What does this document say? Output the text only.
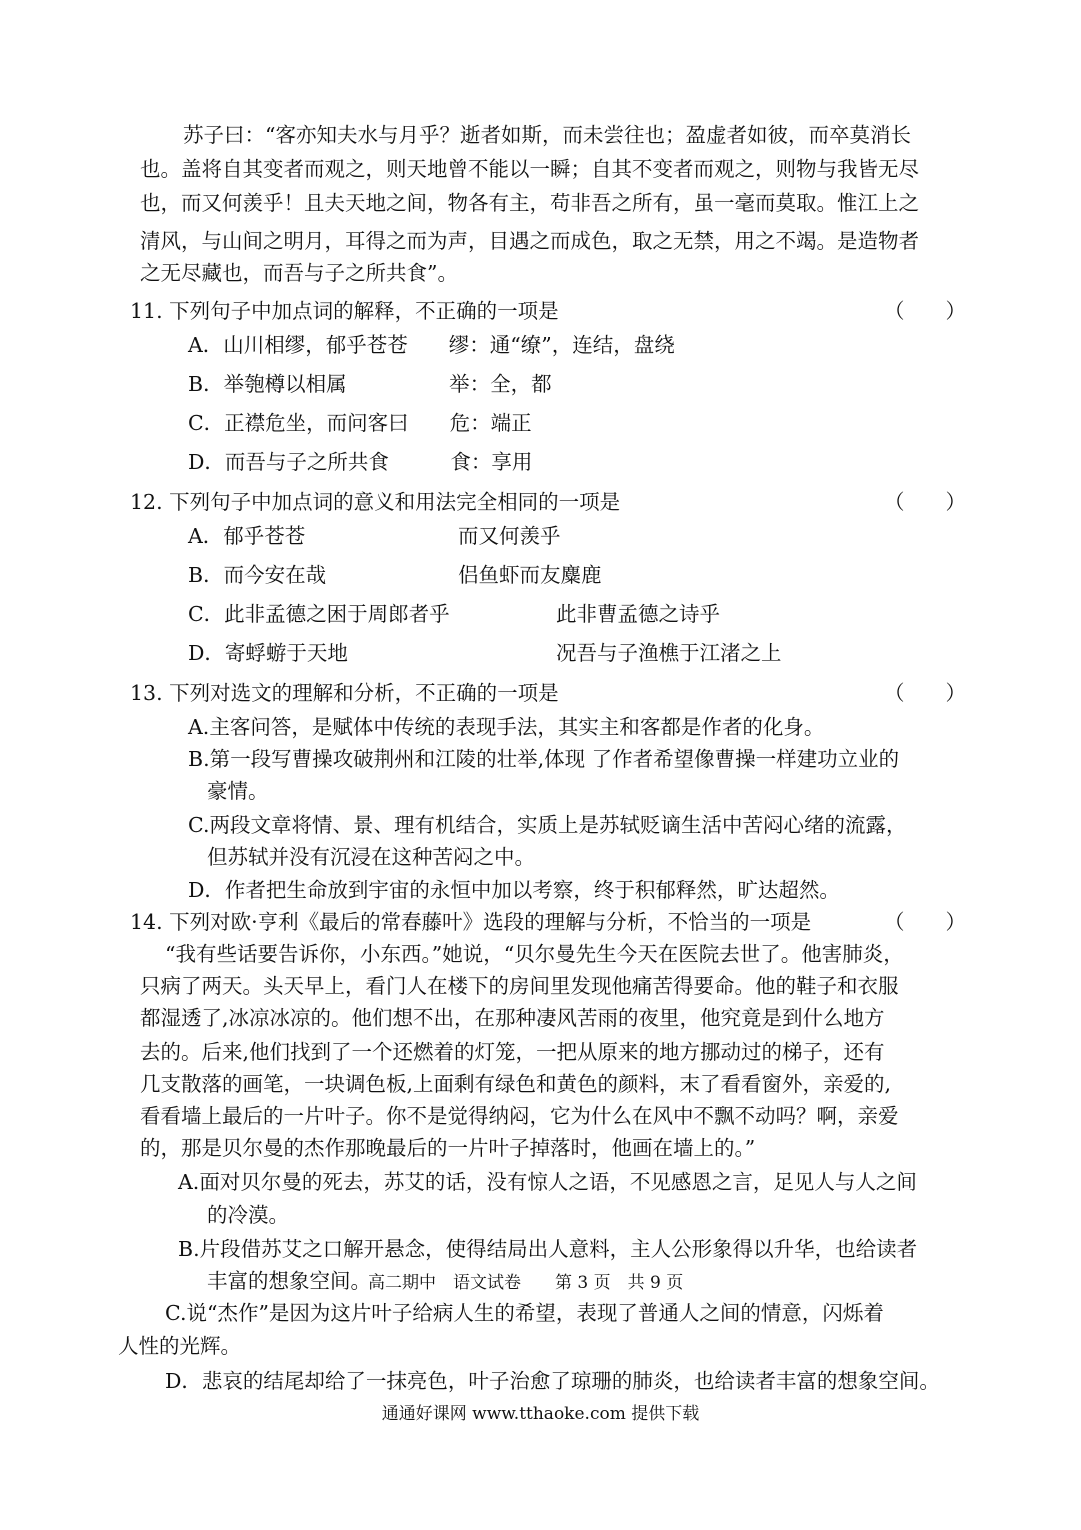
苏子曰：“客亦知夫水与月乎？逝者如斯，而未尝往也；盈虚者如彼，而卒莫消长
也。盖将自其变者而观之，则天地曾不能以一瞬；自其不变者而观之，则物与我皆无尽
也，而又何羡乎！且夫天地之间，物各有主，苟非吾之所有，虽一毫而莫取。惟江上之
清风，与山间之明月，耳得之而为声，目遇之而成色，取之无禁，用之不竭。是造物者
之无尽藏也，而吾与子之所共食”。
11. 下列句子中加点词的解释，不正确的一项是	（　　）
A．山川相缪，郁乎苍苍　　缪：通“缭”，连结，盘绕
B．举匏樽以相属　　　　　举：全，都
C．正襟危坐，而问客曰　　危：端正
D．而吾与子之所共食　　　食：享用
12. 下列句子中加点词的意义和用法完全相同的一项是	（　　）
A．郁乎苍苍	而又何羡乎
B．而今安在哉	侣鱼虾而友麋鹿
C．此非孟德之困于周郎者乎	此非曹孟德之诗乎
D．寄蜉蝣于天地	况吾与子渔樵于江渚之上
13. 下列对选文的理解和分析，不正确的一项是	（　　）
A.主客问答，是赋体中传统的表现手法，其实主和客都是作者的化身。
B.第一段写曹操攻破荆州和江陵的壮举,体现 了作者希望像曹操一样建功立业的
豪情。
C.两段文章将情、景、理有机结合，实质上是苏轼贬谪生活中苦闷心绪的流露，
但苏轼并没有沉浸在这种苦闷之中。
D．作者把生命放到宇宙的永恒中加以考察，终于积郁释然，旷达超然。
14. 下列对欧·亨利《最后的常春藤叶》选段的理解与分析，不恰当的一项是	（　　）
“我有些话要告诉你，小东西。”她说，“贝尔曼先生今天在医院去世了。他害肺炎，
只病了两天。头天早上，看门人在楼下的房间里发现他痛苦得要命。他的鞋子和衣服
都湿透了,冰凉冰凉的。他们想不出，在那种凄风苦雨的夜里，他究竟是到什么地方
去的。后来,他们找到了一个还燃着的灯笼，一把从原来的地方挪动过的梯子，还有
几支散落的画笔，一块调色板,上面剩有绿色和黄色的颜料，末了看看窗外，亲爱的,
看看墙上最后的一片叶子。你不是觉得纳闷，它为什么在风中不飘不动吗？啊，亲爱
的，那是贝尔曼的杰作那晚最后的一片叶子掉落时，他画在墙上的。”
A.面对贝尔曼的死去，苏艾的话，没有惊人之语，不见感恩之言，足见人与人之间
的冷漠。
B.片段借苏艾之口解开悬念，使得结局出人意料，主人公形象得以升华，也给读者
丰富的想象空间。
高二期中　语文试卷　　第 3 页　共 9 页
C.说“杰作”是因为这片叶子给病人生的希望，表现了普通人之间的情意，闪烁着
人性的光辉。
D．悲哀的结尾却给了一抹亮色，叶子治愈了琼珊的肺炎，也给读者丰富的想象空间。
通通好课网 www.tthaoke.com 提供下载
